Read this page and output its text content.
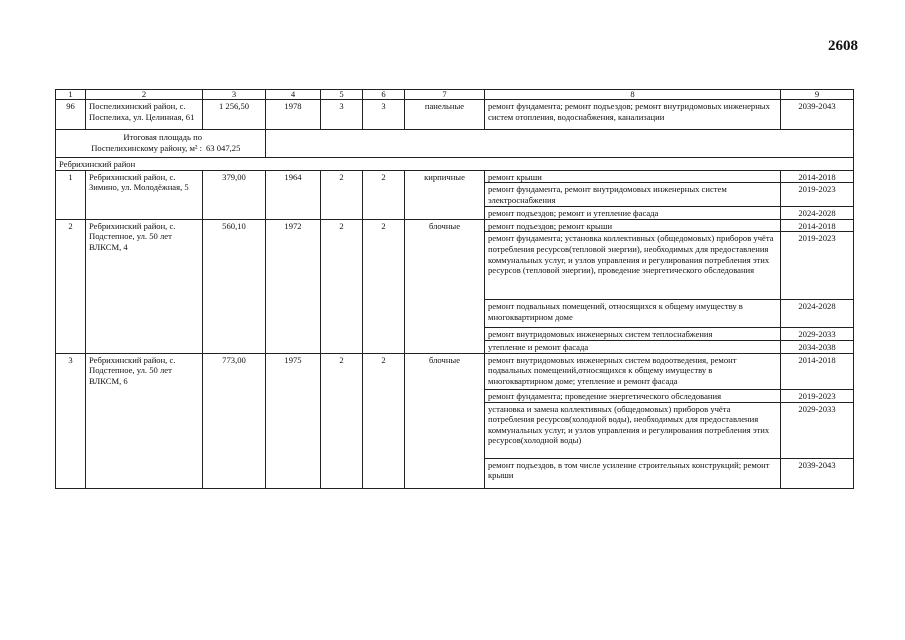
2608
1	2	3	4	5	6	7	8	9
96	Поспелихинский район, с. Поспелиха, ул. Целинная, 61	1 256,50	1978	3	3	панельные	ремонт фундамента; ремонт подъездов; ремонт внутридомовых инженерных систем отопления, водоснабжения, канализации	2039-2043

Итоговая площадь по Поспелихинскому району, м² : 63 047,25								

Ребрихинский район								
1	Ребрихинский район, с. Зимино, ул. Молодёжная, 5	379,00	1964	2	2	кирпичные	ремонт крыши	2014-2018
							ремонт фундамента, ремонт внутридомовых инженерных систем электроснабжения	2019-2023
							ремонт подъездов; ремонт и утепление фасада	2024-2028
2	Ребрихинский район, с. Подстепное, ул. 50 лет ВЛКСМ, 4	560,10	1972	2	2	блочные	ремонт подъездов; ремонт крыши	2014-2018
							ремонт фундамента; установка коллективных (общедомовых) приборов учёта потребления ресурсов(тепловой энергии), необходимых для предоставления коммунальных услуг, и узлов управления и регулирования потребления этих ресурсов (тепловой энергии), проведение энергетического обследования	2019-2023
							ремонт подвальных помещений, относящихся к общему имуществу в многоквартирном доме	2024-2028
							ремонт внутридомовых инженерных систем теплоснабжения	2029-2033
							утепление и ремонт фасада	2034-2038
3	Ребрихинский район, с. Подстепное, ул. 50 лет ВЛКСМ, 6	773,00	1975	2	2	блочные	ремонт внутридомовых инженерных систем водоотведения, ремонт подвальных помещений,относящихся к общему имуществу в многоквартирном доме; утепление и ремонт фасада	2014-2018
							ремонт фундамента; проведение энергетического обследования	2019-2023
							установка и замена коллективных (общедомовых) приборов учёта потребления ресурсов(холодной воды), необходимых для предоставления коммунальных услуг, и узлов управления и регулирования потребления этих ресурсов(холодной воды)	2029-2033
							ремонт подъездов, в том числе усиление строительных конструкций; ремонт крыши	2039-2043
